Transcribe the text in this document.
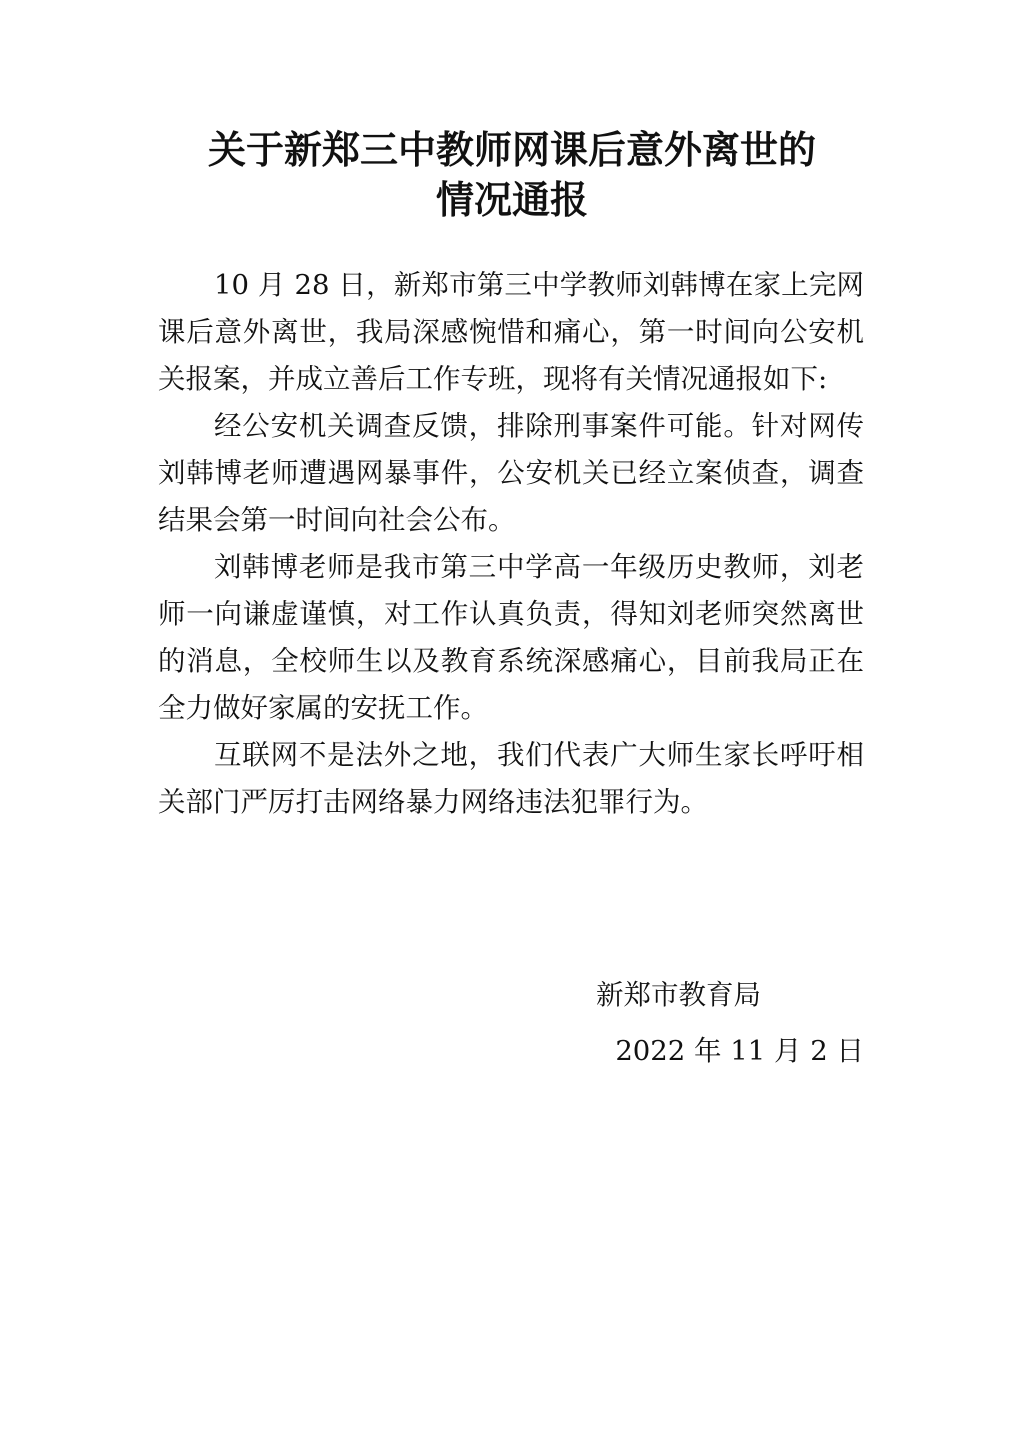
关于新郑三中教师网课后意外离世的
情况通报

10 月 28 日，新郑市第三中学教师刘韩博在家上完网课后意外离世，我局深感惋惜和痛心，第一时间向公安机关报案，并成立善后工作专班，现将有关情况通报如下:

经公安机关调查反馈，排除刑事案件可能。针对网传刘韩博老师遭遇网暴事件，公安机关已经立案侦查，调查结果会第一时间向社会公布。

刘韩博老师是我市第三中学高一年级历史教师，刘老师一向谦虚谨慎，对工作认真负责，得知刘老师突然离世的消息，全校师生以及教育系统深感痛心，目前我局正在全力做好家属的安抚工作。

互联网不是法外之地，我们代表广大师生家长呼吁相关部门严厉打击网络暴力网络违法犯罪行为。

新郑市教育局
2022 年 11 月 2 日
